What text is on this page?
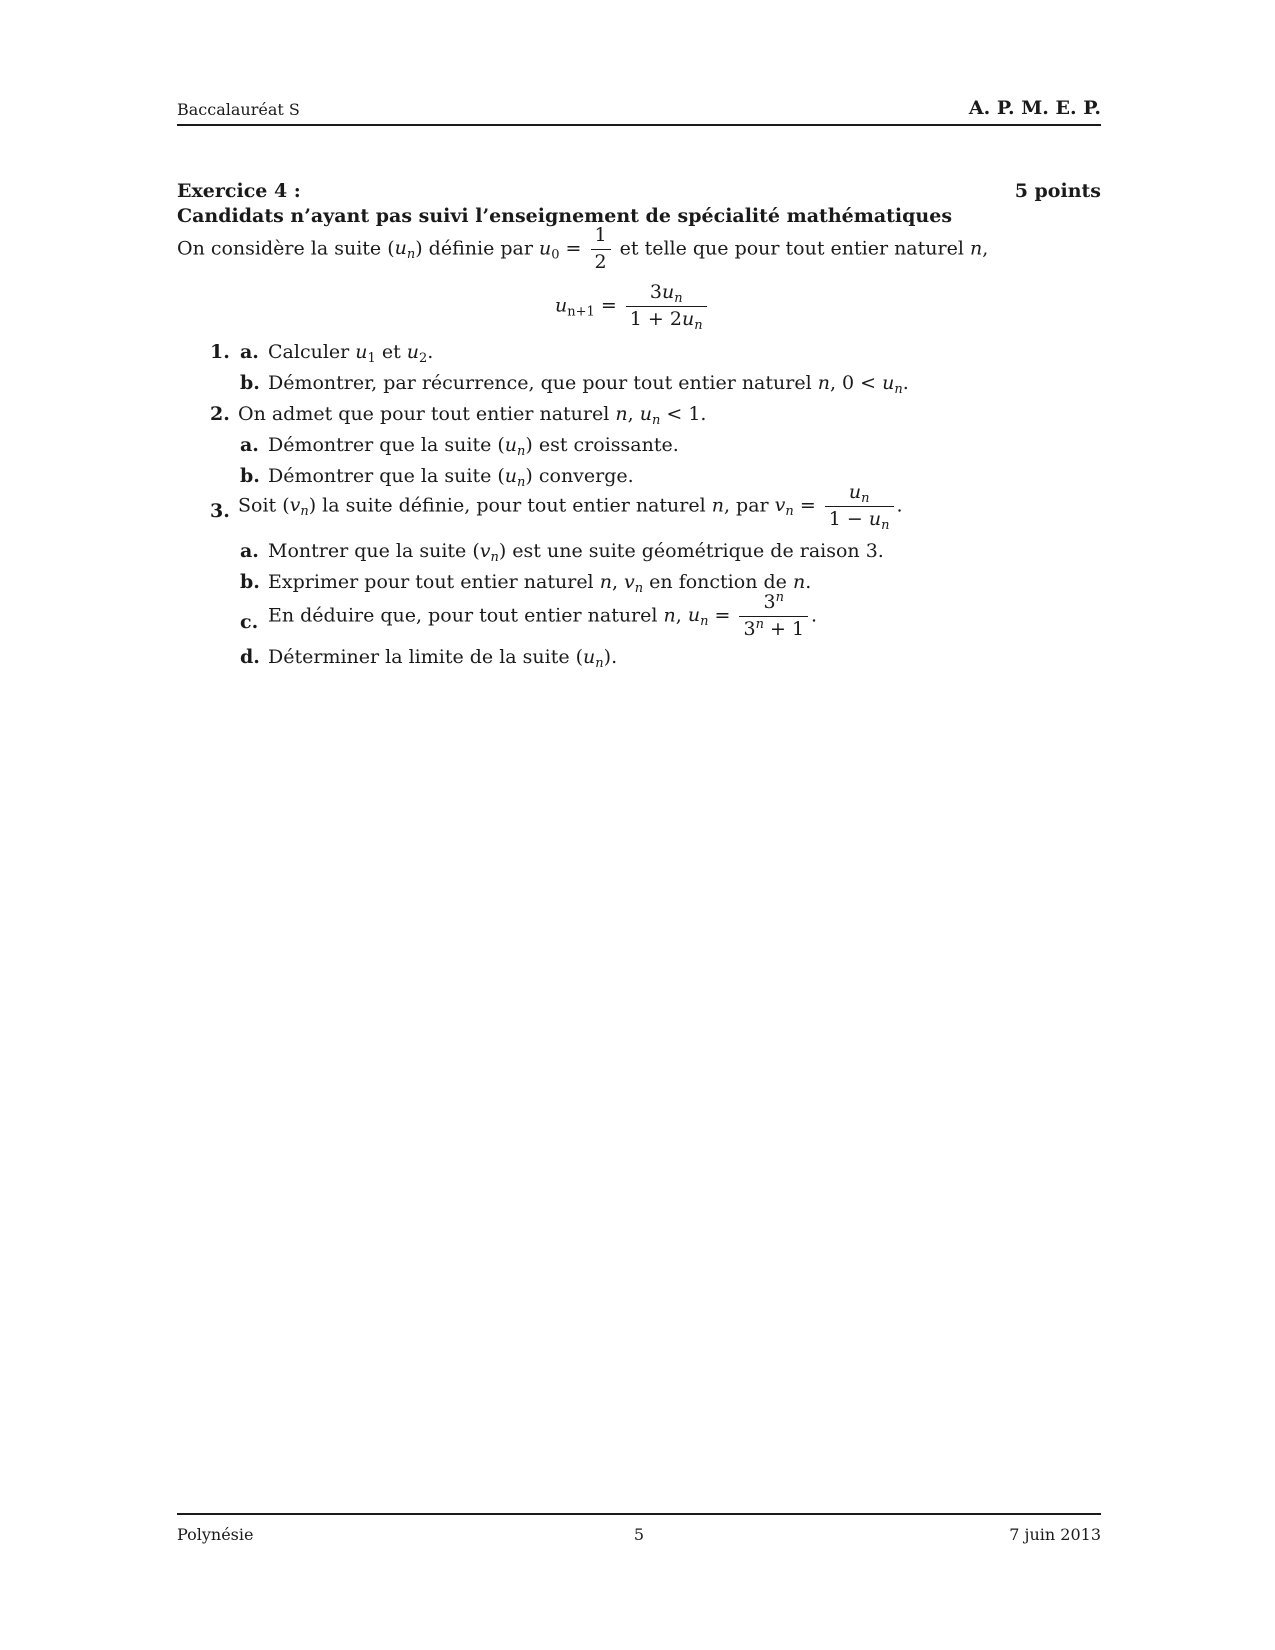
Baccalauréat S	A. P. M. E. P.
Exercice 4 :	5 points
Candidats n’ayant pas suivi l’enseignement de spécialité mathématiques
On considère la suite $(u_n)$ définie par $u_0 = \frac{1}{2}$ et telle que pour tout entier naturel n,
$u_{n+1} = \frac{3u_n}{1 + 2u_n}$
1. a. Calculer $u_1$ et $u_2$.
b. Démontrer, par récurrence, que pour tout entier naturel n, $0 < u_n$.
2. On admet que pour tout entier naturel n, $u_n < 1$.
a. Démontrer que la suite $(u_n)$ est croissante.
b. Démontrer que la suite $(u_n)$ converge.
3. Soit $(v_n)$ la suite définie, pour tout entier naturel n, par $v_n = \frac{u_n}{1 - u_n}$ .
a. Montrer que la suite $(v_n)$ est une suite géométrique de raison 3.
b. Exprimer pour tout entier naturel n, $v_n$ en fonction de n.
c. En déduire que, pour tout entier naturel n, $u_n = \frac{3^n}{3^n + 1}$ .
d. Déterminer la limite de la suite $(u_n)$.
Polynésie	5	7 juin 2013
